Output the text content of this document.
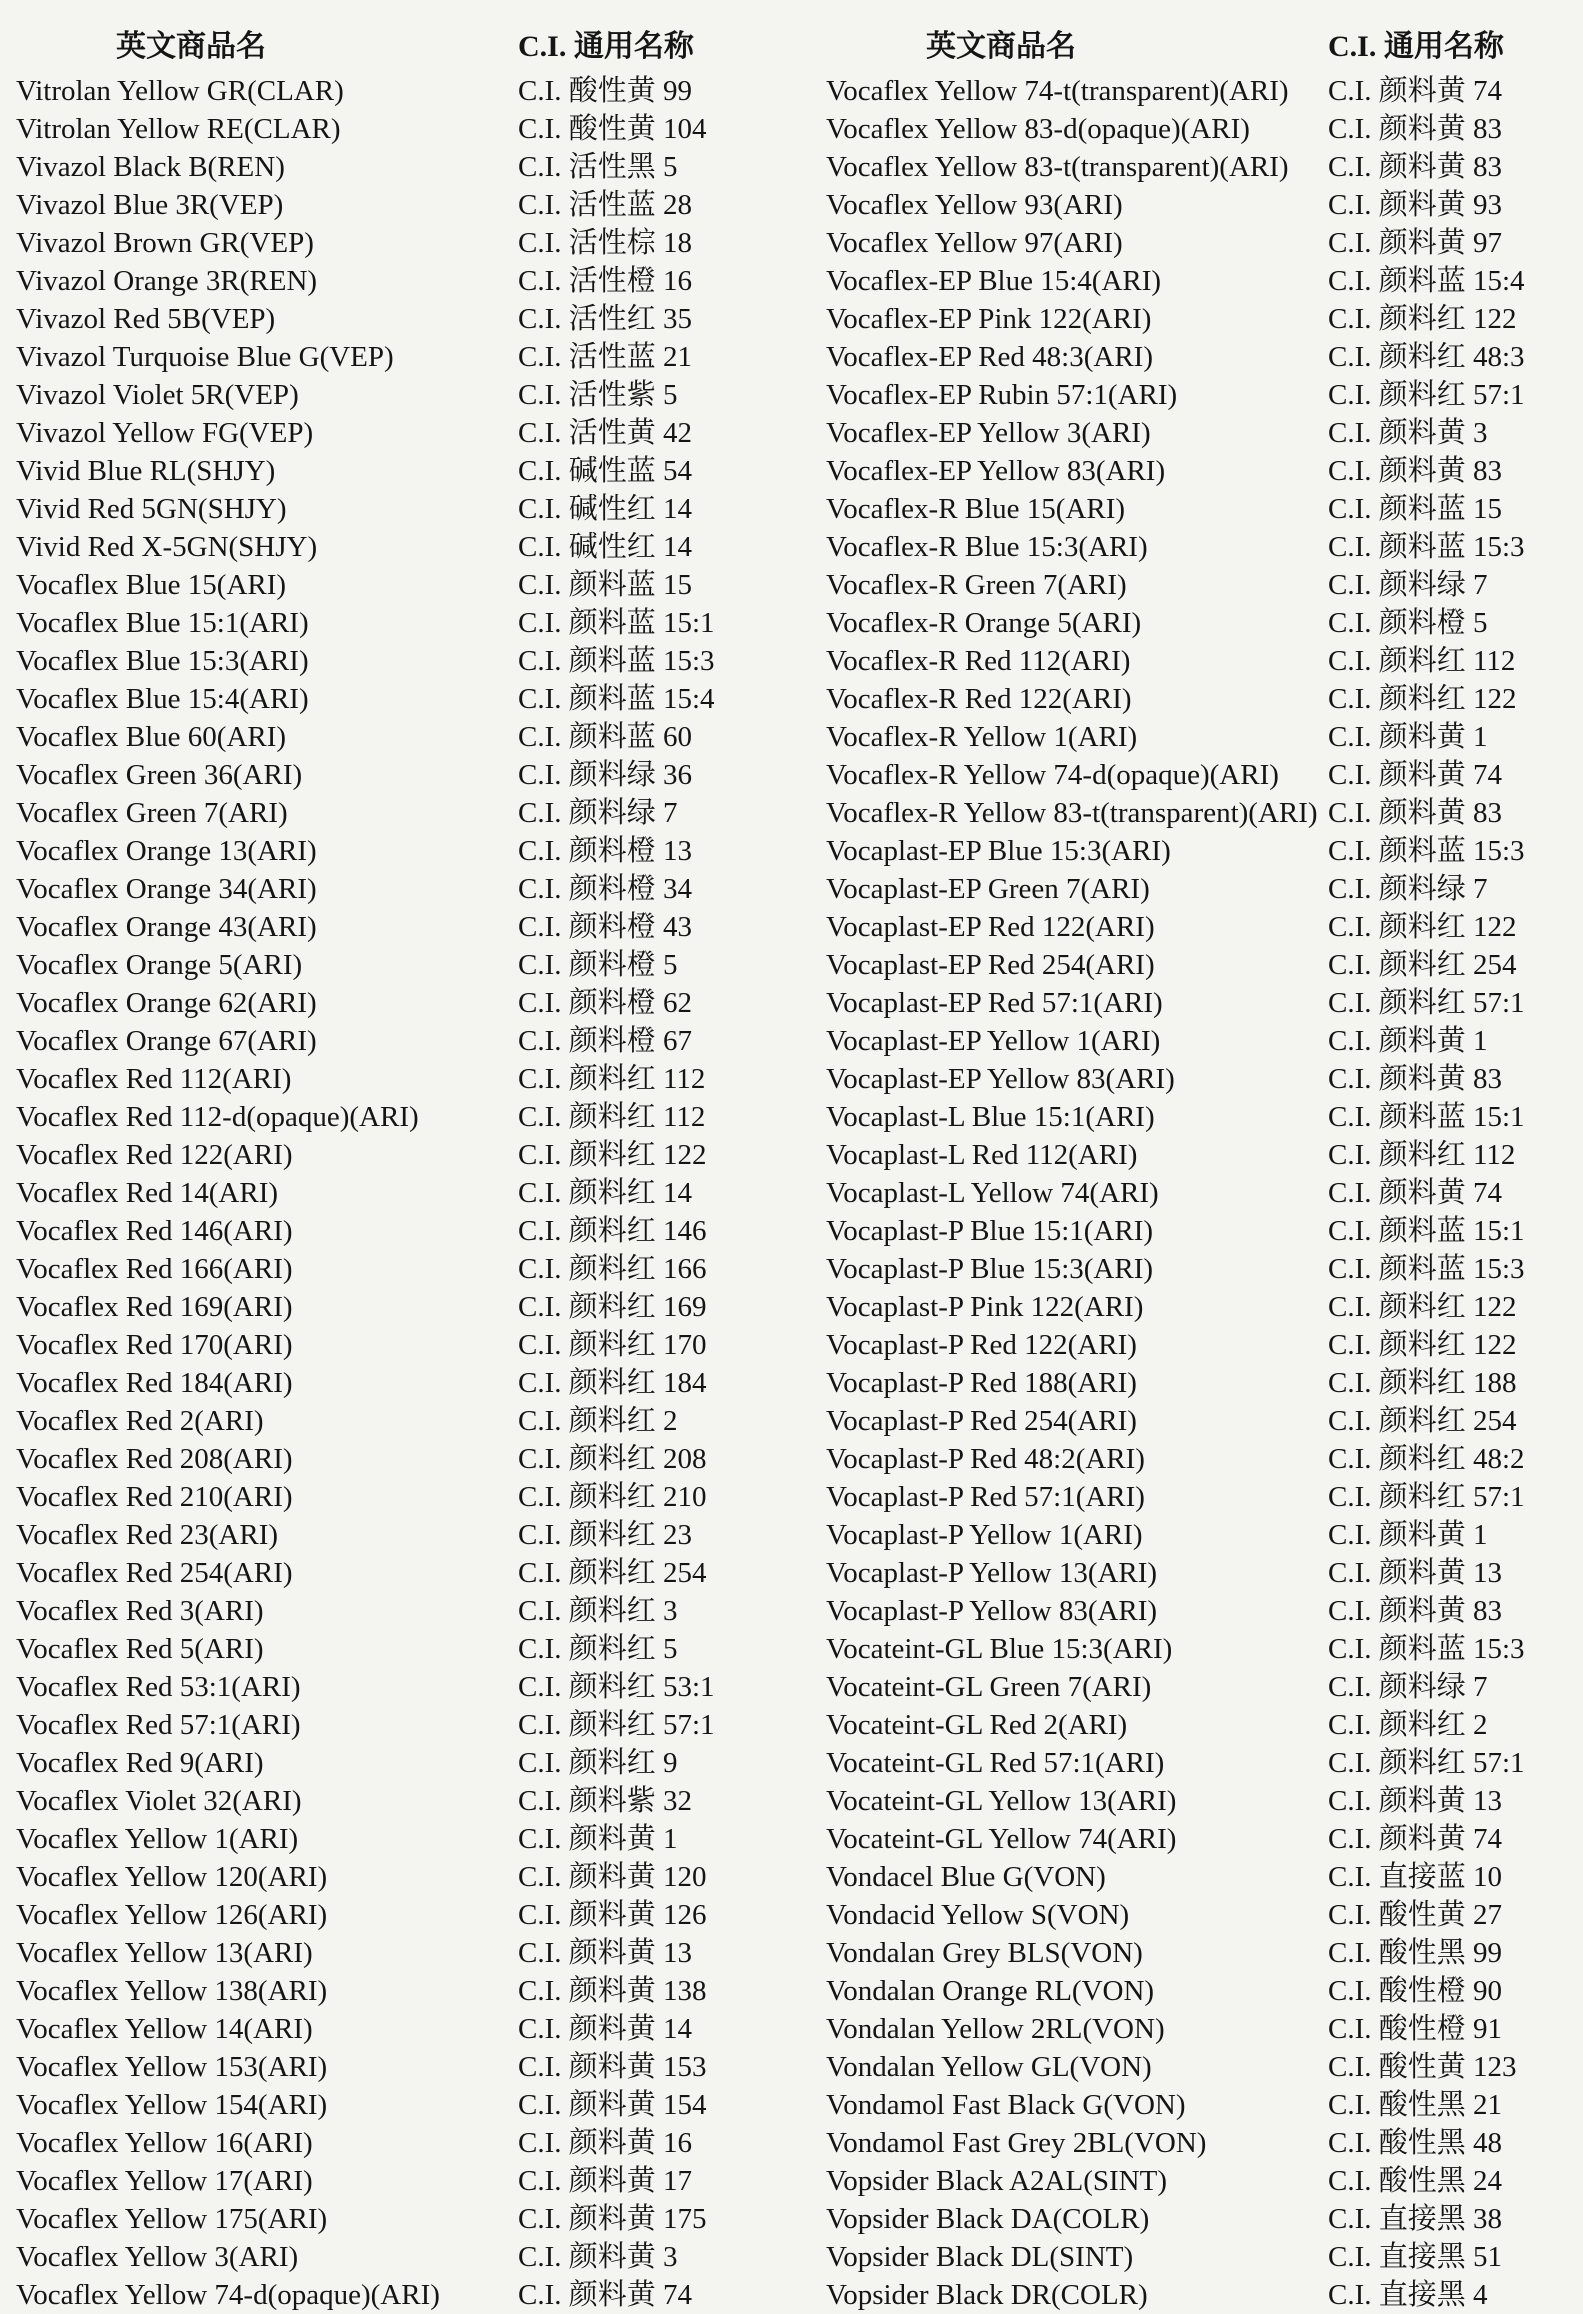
英文商品名	C.I. 通用名称
Vitrolan Yellow GR(CLAR)	C.I. 酸性黄 99
Vitrolan Yellow RE(CLAR)	C.I. 酸性黄 104
Vivazol Black B(REN)	C.I. 活性黑 5
Vivazol Blue 3R(VEP)	C.I. 活性蓝 28
Vivazol Brown GR(VEP)	C.I. 活性棕 18
Vivazol Orange 3R(REN)	C.I. 活性橙 16
Vivazol Red 5B(VEP)	C.I. 活性红 35
Vivazol Turquoise Blue G(VEP)	C.I. 活性蓝 21
Vivazol Violet 5R(VEP)	C.I. 活性紫 5
Vivazol Yellow FG(VEP)	C.I. 活性黄 42
Vivid Blue RL(SHJY)	C.I. 碱性蓝 54
Vivid Red 5GN(SHJY)	C.I. 碱性红 14
Vivid Red X-5GN(SHJY)	C.I. 碱性红 14
Vocaflex Blue 15(ARI)	C.I. 颜料蓝 15
Vocaflex Blue 15:1(ARI)	C.I. 颜料蓝 15:1
Vocaflex Blue 15:3(ARI)	C.I. 颜料蓝 15:3
Vocaflex Blue 15:4(ARI)	C.I. 颜料蓝 15:4
Vocaflex Blue 60(ARI)	C.I. 颜料蓝 60
Vocaflex Green 36(ARI)	C.I. 颜料绿 36
Vocaflex Green 7(ARI)	C.I. 颜料绿 7
Vocaflex Orange 13(ARI)	C.I. 颜料橙 13
Vocaflex Orange 34(ARI)	C.I. 颜料橙 34
Vocaflex Orange 43(ARI)	C.I. 颜料橙 43
Vocaflex Orange 5(ARI)	C.I. 颜料橙 5
Vocaflex Orange 62(ARI)	C.I. 颜料橙 62
Vocaflex Orange 67(ARI)	C.I. 颜料橙 67
Vocaflex Red 112(ARI)	C.I. 颜料红 112
Vocaflex Red 112-d(opaque)(ARI)	C.I. 颜料红 112
Vocaflex Red 122(ARI)	C.I. 颜料红 122
Vocaflex Red 14(ARI)	C.I. 颜料红 14
Vocaflex Red 146(ARI)	C.I. 颜料红 146
Vocaflex Red 166(ARI)	C.I. 颜料红 166
Vocaflex Red 169(ARI)	C.I. 颜料红 169
Vocaflex Red 170(ARI)	C.I. 颜料红 170
Vocaflex Red 184(ARI)	C.I. 颜料红 184
Vocaflex Red 2(ARI)	C.I. 颜料红 2
Vocaflex Red 208(ARI)	C.I. 颜料红 208
Vocaflex Red 210(ARI)	C.I. 颜料红 210
Vocaflex Red 23(ARI)	C.I. 颜料红 23
Vocaflex Red 254(ARI)	C.I. 颜料红 254
Vocaflex Red 3(ARI)	C.I. 颜料红 3
Vocaflex Red 5(ARI)	C.I. 颜料红 5
Vocaflex Red 53:1(ARI)	C.I. 颜料红 53:1
Vocaflex Red 57:1(ARI)	C.I. 颜料红 57:1
Vocaflex Red 9(ARI)	C.I. 颜料红 9
Vocaflex Violet 32(ARI)	C.I. 颜料紫 32
Vocaflex Yellow 1(ARI)	C.I. 颜料黄 1
Vocaflex Yellow 120(ARI)	C.I. 颜料黄 120
Vocaflex Yellow 126(ARI)	C.I. 颜料黄 126
Vocaflex Yellow 13(ARI)	C.I. 颜料黄 13
Vocaflex Yellow 138(ARI)	C.I. 颜料黄 138
Vocaflex Yellow 14(ARI)	C.I. 颜料黄 14
Vocaflex Yellow 153(ARI)	C.I. 颜料黄 153
Vocaflex Yellow 154(ARI)	C.I. 颜料黄 154
Vocaflex Yellow 16(ARI)	C.I. 颜料黄 16
Vocaflex Yellow 17(ARI)	C.I. 颜料黄 17
Vocaflex Yellow 175(ARI)	C.I. 颜料黄 175
Vocaflex Yellow 3(ARI)	C.I. 颜料黄 3
Vocaflex Yellow 74-d(opaque)(ARI)	C.I. 颜料黄 74
英文商品名	C.I. 通用名称
Vocaflex Yellow 74-t(transparent)(ARI)	C.I. 颜料黄 74
Vocaflex Yellow 83-d(opaque)(ARI)	C.I. 颜料黄 83
Vocaflex Yellow 83-t(transparent)(ARI)	C.I. 颜料黄 83
Vocaflex Yellow 93(ARI)	C.I. 颜料黄 93
Vocaflex Yellow 97(ARI)	C.I. 颜料黄 97
Vocaflex-EP Blue 15:4(ARI)	C.I. 颜料蓝 15:4
Vocaflex-EP Pink 122(ARI)	C.I. 颜料红 122
Vocaflex-EP Red 48:3(ARI)	C.I. 颜料红 48:3
Vocaflex-EP Rubin 57:1(ARI)	C.I. 颜料红 57:1
Vocaflex-EP Yellow 3(ARI)	C.I. 颜料黄 3
Vocaflex-EP Yellow 83(ARI)	C.I. 颜料黄 83
Vocaflex-R Blue 15(ARI)	C.I. 颜料蓝 15
Vocaflex-R Blue 15:3(ARI)	C.I. 颜料蓝 15:3
Vocaflex-R Green 7(ARI)	C.I. 颜料绿 7
Vocaflex-R Orange 5(ARI)	C.I. 颜料橙 5
Vocaflex-R Red 112(ARI)	C.I. 颜料红 112
Vocaflex-R Red 122(ARI)	C.I. 颜料红 122
Vocaflex-R Yellow 1(ARI)	C.I. 颜料黄 1
Vocaflex-R Yellow 74-d(opaque)(ARI)	C.I. 颜料黄 74
Vocaflex-R Yellow 83-t(transparent)(ARI) C.I. 颜料黄 83
Vocaplast-EP Blue 15:3(ARI)	C.I. 颜料蓝 15:3
Vocaplast-EP Green 7(ARI)	C.I. 颜料绿 7
Vocaplast-EP Red 122(ARI)	C.I. 颜料红 122
Vocaplast-EP Red 254(ARI)	C.I. 颜料红 254
Vocaplast-EP Red 57:1(ARI)	C.I. 颜料红 57:1
Vocaplast-EP Yellow 1(ARI)	C.I. 颜料黄 1
Vocaplast-EP Yellow 83(ARI)	C.I. 颜料黄 83
Vocaplast-L Blue 15:1(ARI)	C.I. 颜料蓝 15:1
Vocaplast-L Red 112(ARI)	C.I. 颜料红 112
Vocaplast-L Yellow 74(ARI)	C.I. 颜料黄 74
Vocaplast-P Blue 15:1(ARI)	C.I. 颜料蓝 15:1
Vocaplast-P Blue 15:3(ARI)	C.I. 颜料蓝 15:3
Vocaplast-P Pink 122(ARI)	C.I. 颜料红 122
Vocaplast-P Red 122(ARI)	C.I. 颜料红 122
Vocaplast-P Red 188(ARI)	C.I. 颜料红 188
Vocaplast-P Red 254(ARI)	C.I. 颜料红 254
Vocaplast-P Red 48:2(ARI)	C.I. 颜料红 48:2
Vocaplast-P Red 57:1(ARI)	C.I. 颜料红 57:1
Vocaplast-P Yellow 1(ARI)	C.I. 颜料黄 1
Vocaplast-P Yellow 13(ARI)	C.I. 颜料黄 13
Vocaplast-P Yellow 83(ARI)	C.I. 颜料黄 83
Vocateint-GL Blue 15:3(ARI)	C.I. 颜料蓝 15:3
Vocateint-GL Green 7(ARI)	C.I. 颜料绿 7
Vocateint-GL Red 2(ARI)	C.I. 颜料红 2
Vocateint-GL Red 57:1(ARI)	C.I. 颜料红 57:1
Vocateint-GL Yellow 13(ARI)	C.I. 颜料黄 13
Vocateint-GL Yellow 74(ARI)	C.I. 颜料黄 74
Vondacel Blue G(VON)	C.I. 直接蓝 10
Vondacid Yellow S(VON)	C.I. 酸性黄 27
Vondalan Grey BLS(VON)	C.I. 酸性黑 99
Vondalan Orange RL(VON)	C.I. 酸性橙 90
Vondalan Yellow 2RL(VON)	C.I. 酸性橙 91
Vondalan Yellow GL(VON)	C.I. 酸性黄 123
Vondamol Fast Black G(VON)	C.I. 酸性黑 21
Vondamol Fast Grey 2BL(VON)	C.I. 酸性黑 48
Vopsider Black A2AL(SINT)	C.I. 酸性黑 24
Vopsider Black DA(COLR)	C.I. 直接黑 38
Vopsider Black DL(SINT)	C.I. 直接黑 51
Vopsider Black DR(COLR)	C.I. 直接黑 4
